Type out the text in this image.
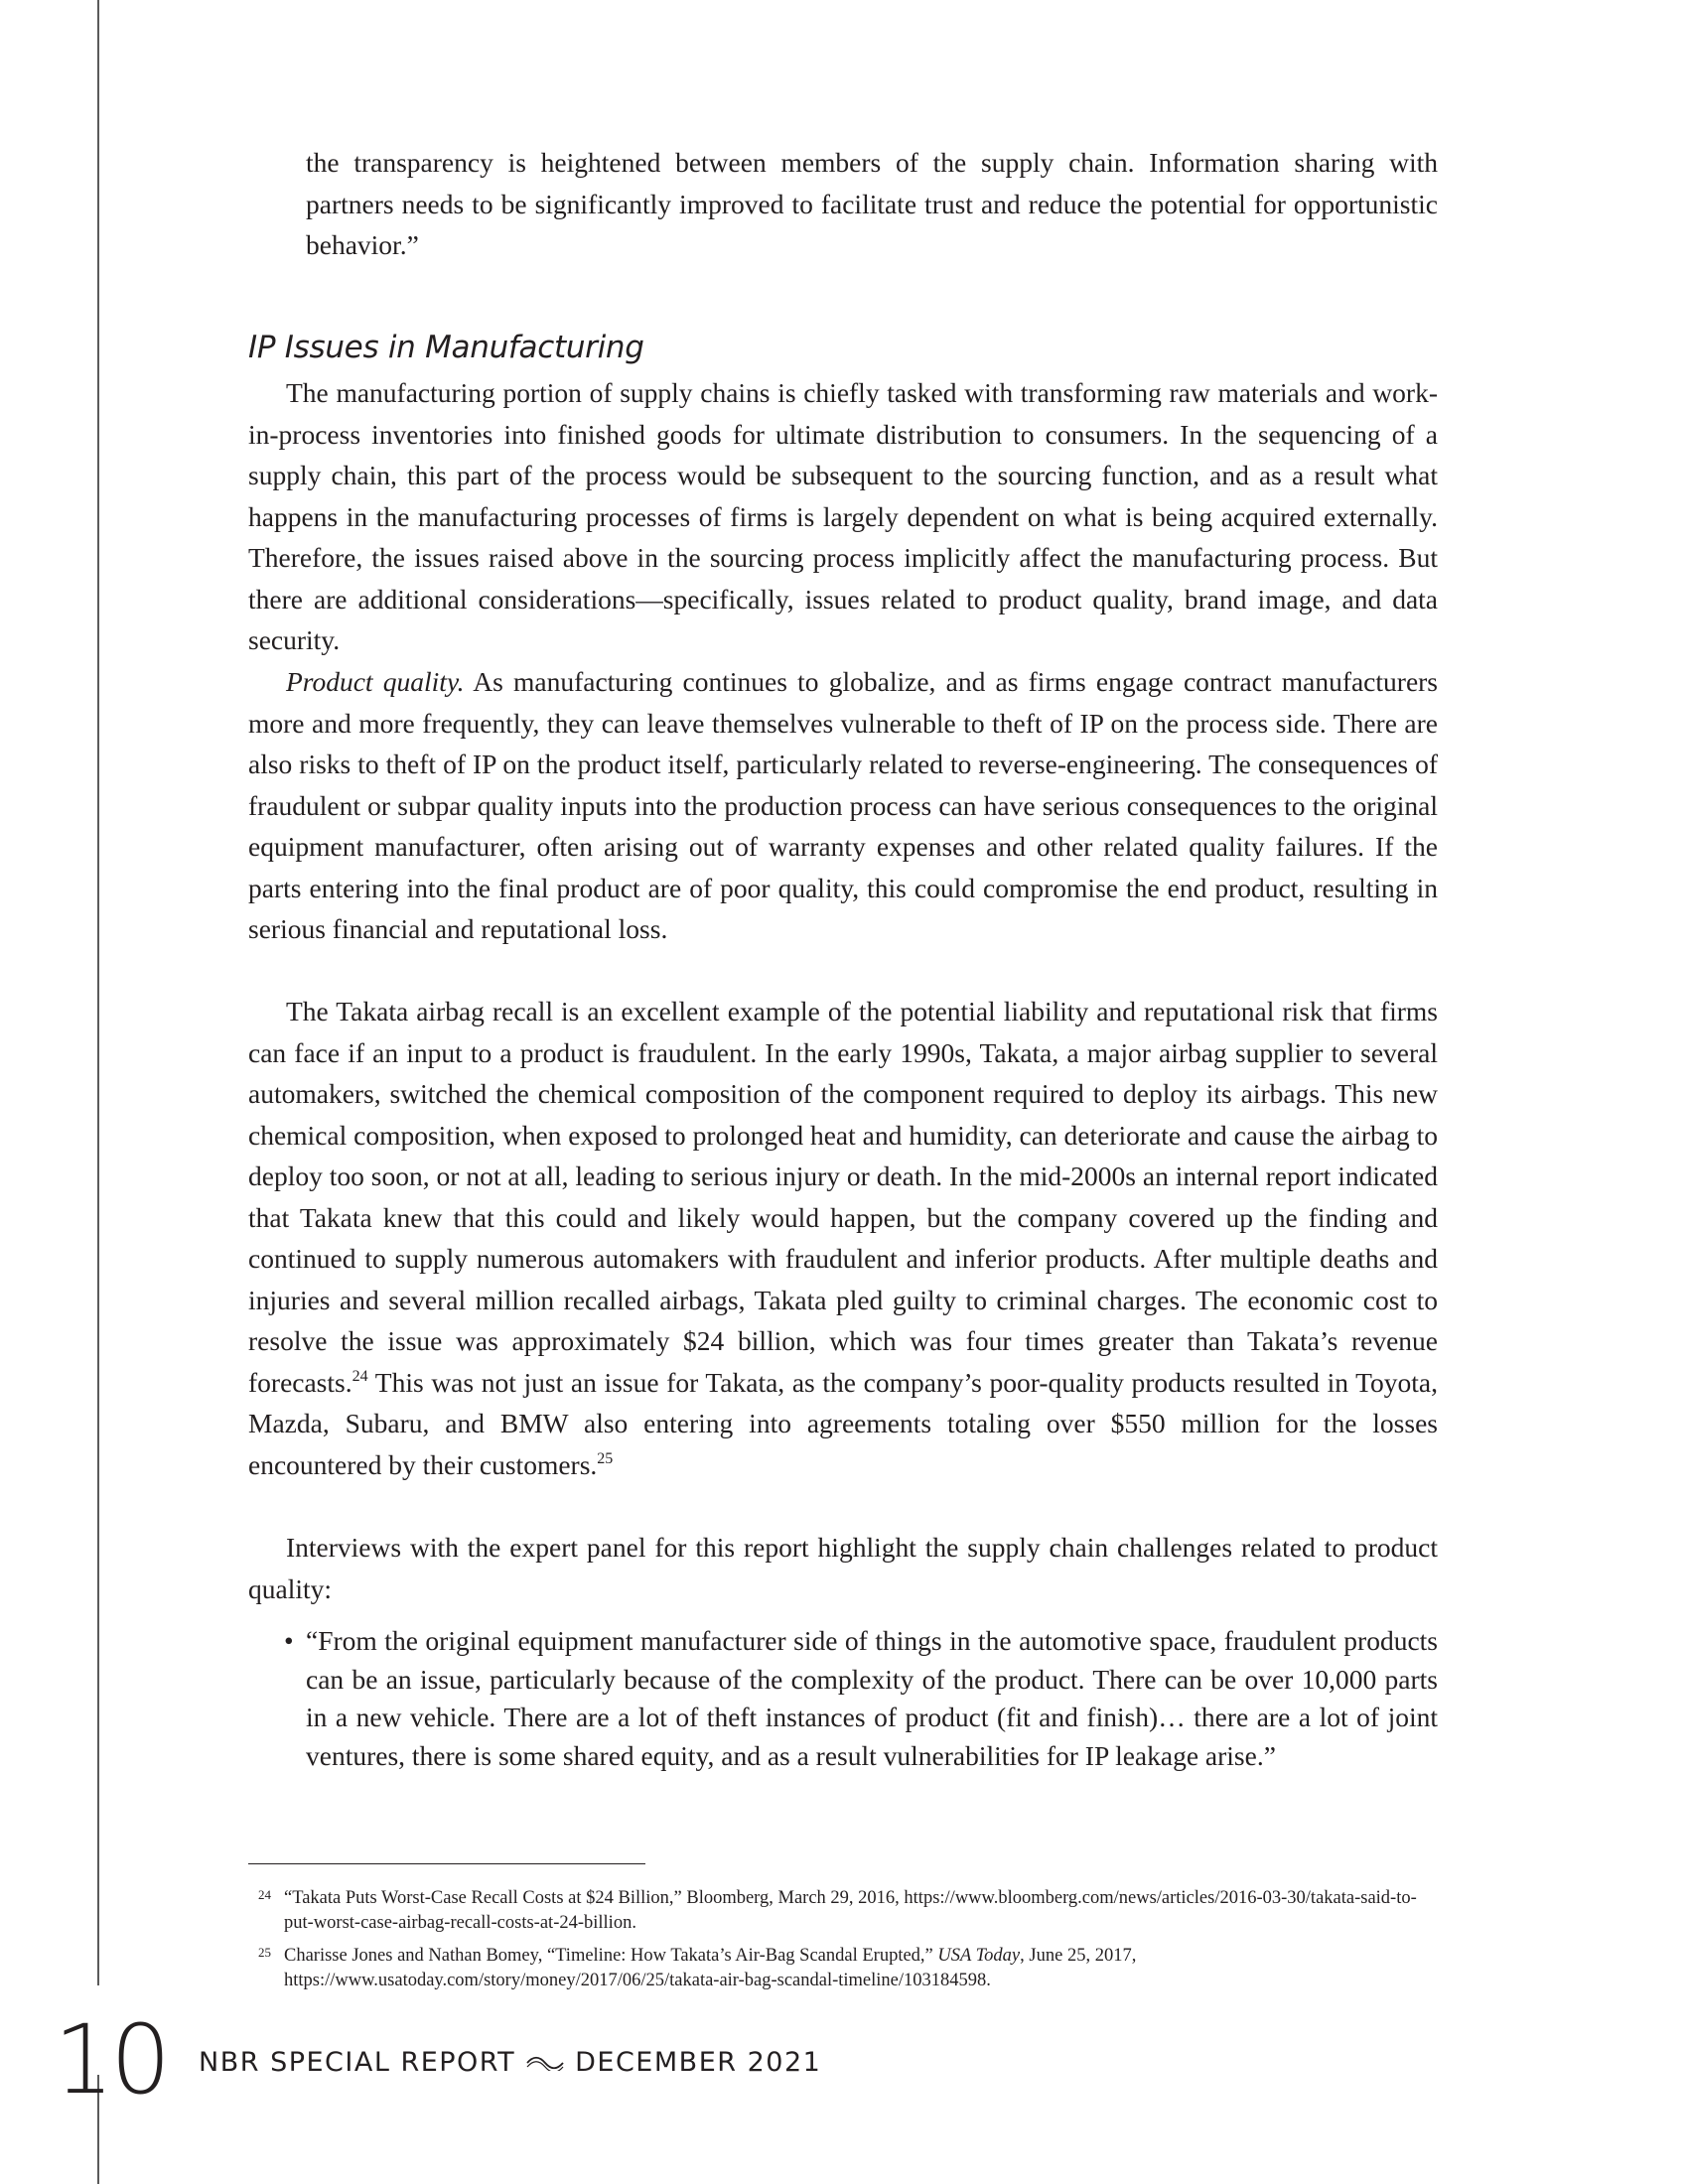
the transparency is heightened between members of the supply chain. Information sharing with partners needs to be significantly improved to facilitate trust and reduce the potential for opportunistic behavior.”

IP Issues in Manufacturing

The manufacturing portion of supply chains is chiefly tasked with transforming raw materials and work-in-process inventories into finished goods for ultimate distribution to consumers. In the sequencing of a supply chain, this part of the process would be subsequent to the sourcing function, and as a result what happens in the manufacturing processes of firms is largely dependent on what is being acquired externally. Therefore, the issues raised above in the sourcing process implicitly affect the manufacturing process. But there are additional considerations—specifically, issues related to product quality, brand image, and data security.

Product quality. As manufacturing continues to globalize, and as firms engage contract manufacturers more and more frequently, they can leave themselves vulnerable to theft of IP on the process side. There are also risks to theft of IP on the product itself, particularly related to reverse-engineering. The consequences of fraudulent or subpar quality inputs into the production process can have serious consequences to the original equipment manufacturer, often arising out of warranty expenses and other related quality failures. If the parts entering into the final product are of poor quality, this could compromise the end product, resulting in serious financial and reputational loss.

The Takata airbag recall is an excellent example of the potential liability and reputational risk that firms can face if an input to a product is fraudulent. In the early 1990s, Takata, a major airbag supplier to several automakers, switched the chemical composition of the component required to deploy its airbags. This new chemical composition, when exposed to prolonged heat and humidity, can deteriorate and cause the airbag to deploy too soon, or not at all, leading to serious injury or death. In the mid-2000s an internal report indicated that Takata knew that this could and likely would happen, but the company covered up the finding and continued to supply numerous automakers with fraudulent and inferior products. After multiple deaths and injuries and several million recalled airbags, Takata pled guilty to criminal charges. The economic cost to resolve the issue was approximately $24 billion, which was four times greater than Takata’s revenue forecasts.$^{24}$ This was not just an issue for Takata, as the company’s poor-quality products resulted in Toyota, Mazda, Subaru, and BMW also entering into agreements totaling over $550 million for the losses encountered by their customers.$^{25}$

Interviews with the expert panel for this report highlight the supply chain challenges related to product quality:

• “From the original equipment manufacturer side of things in the automotive space, fraudulent products can be an issue, particularly because of the complexity of the product. There can be over 10,000 parts in a new vehicle. There are a lot of theft instances of product (fit and finish)… there are a lot of joint ventures, there is some shared equity, and as a result vulnerabilities for IP leakage arise.”
24 “Takata Puts Worst-Case Recall Costs at $24 Billion,” Bloomberg, March 29, 2016, https://www.bloomberg.com/news/articles/2016-03-30/takata-said-to-put-worst-case-airbag-recall-costs-at-24-billion.
25 Charisse Jones and Nathan Bomey, “Timeline: How Takata’s Air-Bag Scandal Erupted,” USA Today, June 25, 2017, https://www.usatoday.com/story/money/2017/06/25/takata-air-bag-scandal-timeline/103184598.
10 NBR SPECIAL REPORT DECEMBER 2021
